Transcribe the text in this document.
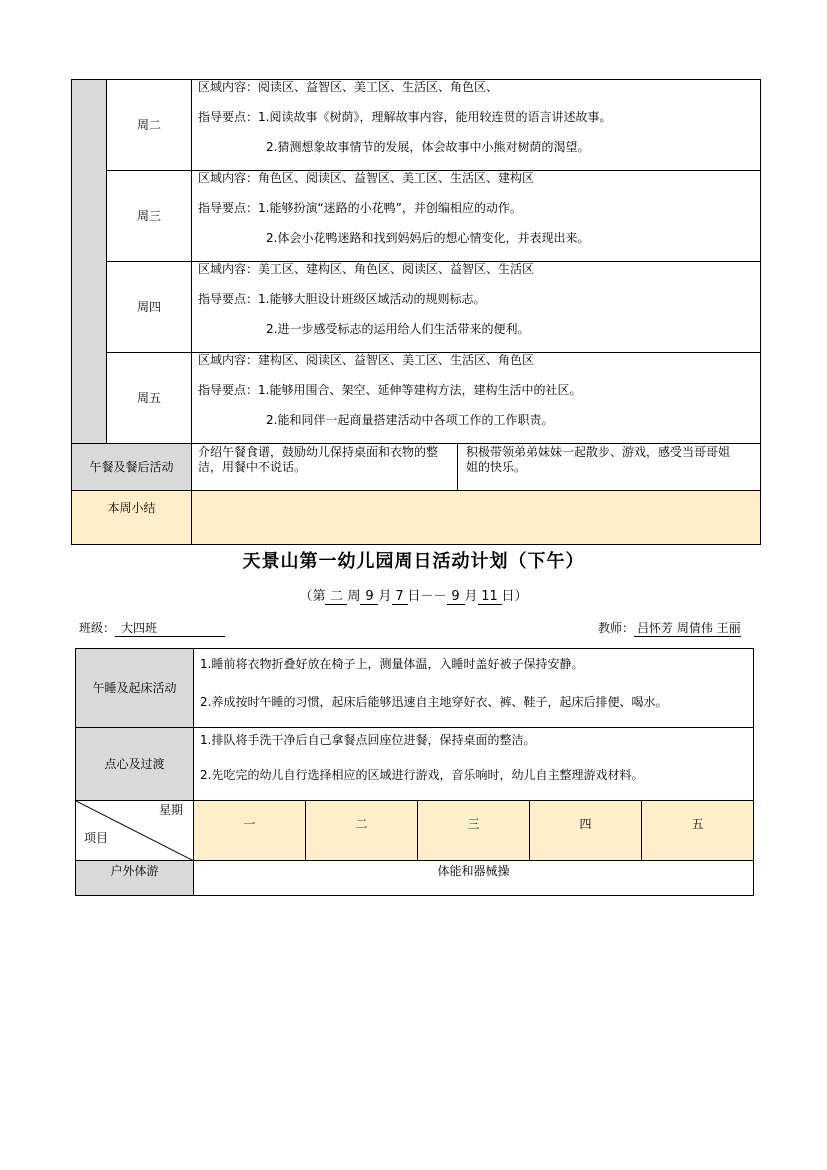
	周二	区域内容：阅读区、益智区、美工区、生活区、角色区、
指导要点：1.阅读故事《树荫》，理解故事内容，能用较连贯的语言讲述故事。
2.猜测想象故事情节的发展，体会故事中小熊对树荫的渴望。	

	周三	区域内容：角色区、阅读区、益智区、美工区、生活区、建构区
指导要点：1.能够扮演“迷路的小花鸭”，并创编相应的动作。
2.体会小花鸭迷路和找到妈妈后的想心情变化，并表现出来。	

	周四	区域内容：美工区、建构区、角色区、阅读区、益智区、生活区
指导要点：1.能够大胆设计班级区域活动的规则标志。
2.进一步感受标志的运用给人们生活带来的便利。	

	周五	区域内容：建构区、阅读区、益智区、美工区、生活区、角色区
指导要点：1.能够用围合、架空、延伸等建构方法，建构生活中的社区。
2.能和同伴一起商量搭建活动中各项工作的工作职责。	

午餐及餐后活动		介绍午餐食谱，鼓励幼儿保持桌面和衣物的整
洁，用餐中不说话。	积极带领弟弟妹妹一起散步、游戏，感受当哥哥姐
姐的快乐。

本周小结			
天景山第一幼儿园周日活动计划（下午）
（第 二 周 9 月 7 日－－ 9 月 11 日）
班级： 大四班	教师： 吕怀芳 周倩伟 王丽
午睡及起床活动	1.睡前将衣物折叠好放在椅子上，测量体温，入睡时盖好被子保持安静。
2.养成按时午睡的习惯，起床后能够迅速自主地穿好衣、裤、鞋子，起床后排便、喝水。				

点心及过渡	1.排队将手洗干净后自己拿餐点回座位进餐，保持桌面的整洁。
2.先吃完的幼儿自行选择相应的区域进行游戏，音乐响时，幼儿自主整理游戏材料。				

星期
项目	一	二	三	四	五
户外体游	体能和器械操				
